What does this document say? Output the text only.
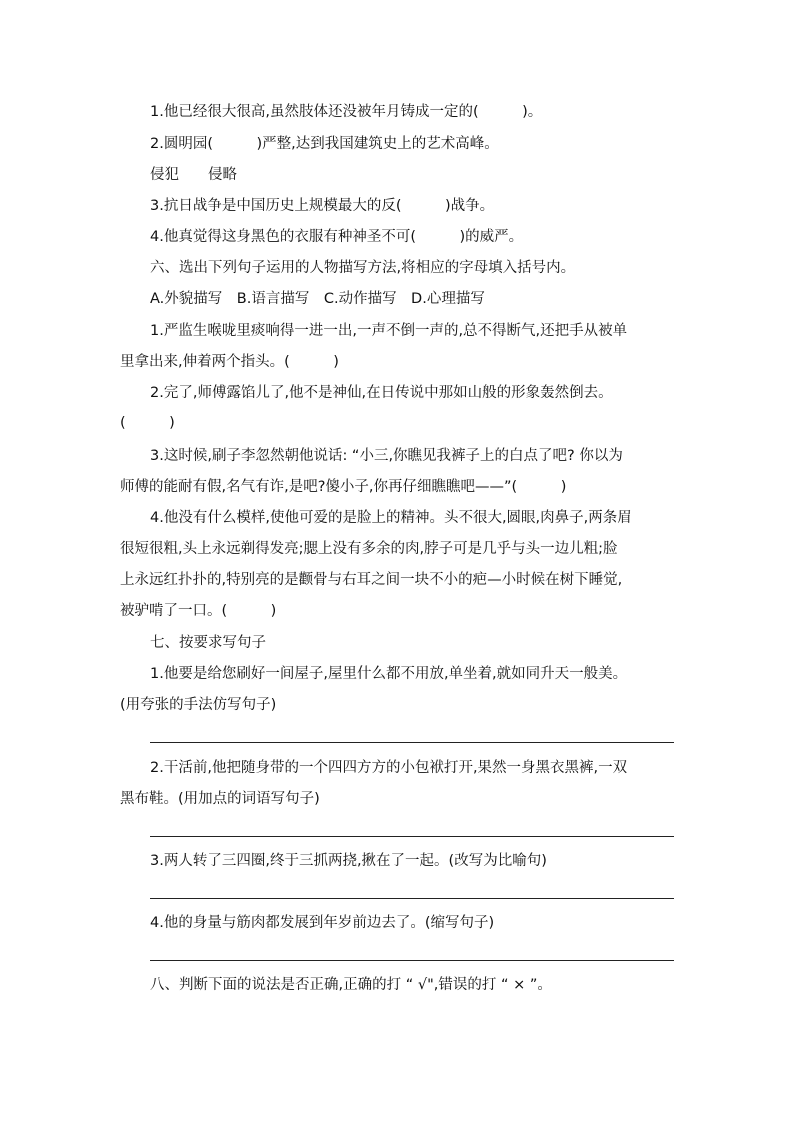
1.他已经很大很高,虽然肢体还没被年月铸成一定的(　　　)。
2.圆明园(　　　)严整,达到我国建筑史上的艺术高峰。
侵犯　　侵略
3.抗日战争是中国历史上规模最大的反(　　　)战争。
4.他真觉得这身黑色的衣服有种神圣不可(　　　)的威严。
六、选出下列句子运用的人物描写方法,将相应的字母填入括号内。
A.外貌描写　B.语言描写　C.动作描写　D.心理描写
1.严监生喉咙里痰响得一进一出,一声不倒一声的,总不得断气,还把手从被单
里拿出来,伸着两个指头。(　　　)
2.完了,师傅露馅儿了,他不是神仙,在日传说中那如山般的形象轰然倒去。
(　　　)
3.这时候,刷子李忽然朝他说话: “小三,你瞧见我裤子上的白点了吧? 你以为
师傅的能耐有假,名气有诈,是吧?傻小子,你再仔细瞧瞧吧——”(　　　)
4.他没有什么模样,使他可爱的是脸上的精神。头不很大,圆眼,肉鼻子,两条眉
很短很粗,头上永远剃得发亮;腮上没有多余的肉,脖子可是几乎与头一边儿粗;脸
上永远红扑扑的,特别亮的是颧骨与右耳之间一块不小的疤—小时候在树下睡觉,
被驴啃了一口。(　　　)
七、按要求写句子
1.他要是给您刷好一间屋子,屋里什么都不用放,单坐着,就如同升天一般美。
(用夸张的手法仿写句子)
2.干活前,他把随身带的一个四四方方的小包袱打开,果然一身黑衣黑裤,一双
黑布鞋。(用加点的词语写句子)
3.两人转了三四圈,终于三抓两挠,揪在了一起。(改写为比喻句)
4.他的身量与筋肉都发展到年岁前边去了。(缩写句子)
八、判断下面的说法是否正确,正确的打 “ √",错误的打 “ × ”。
